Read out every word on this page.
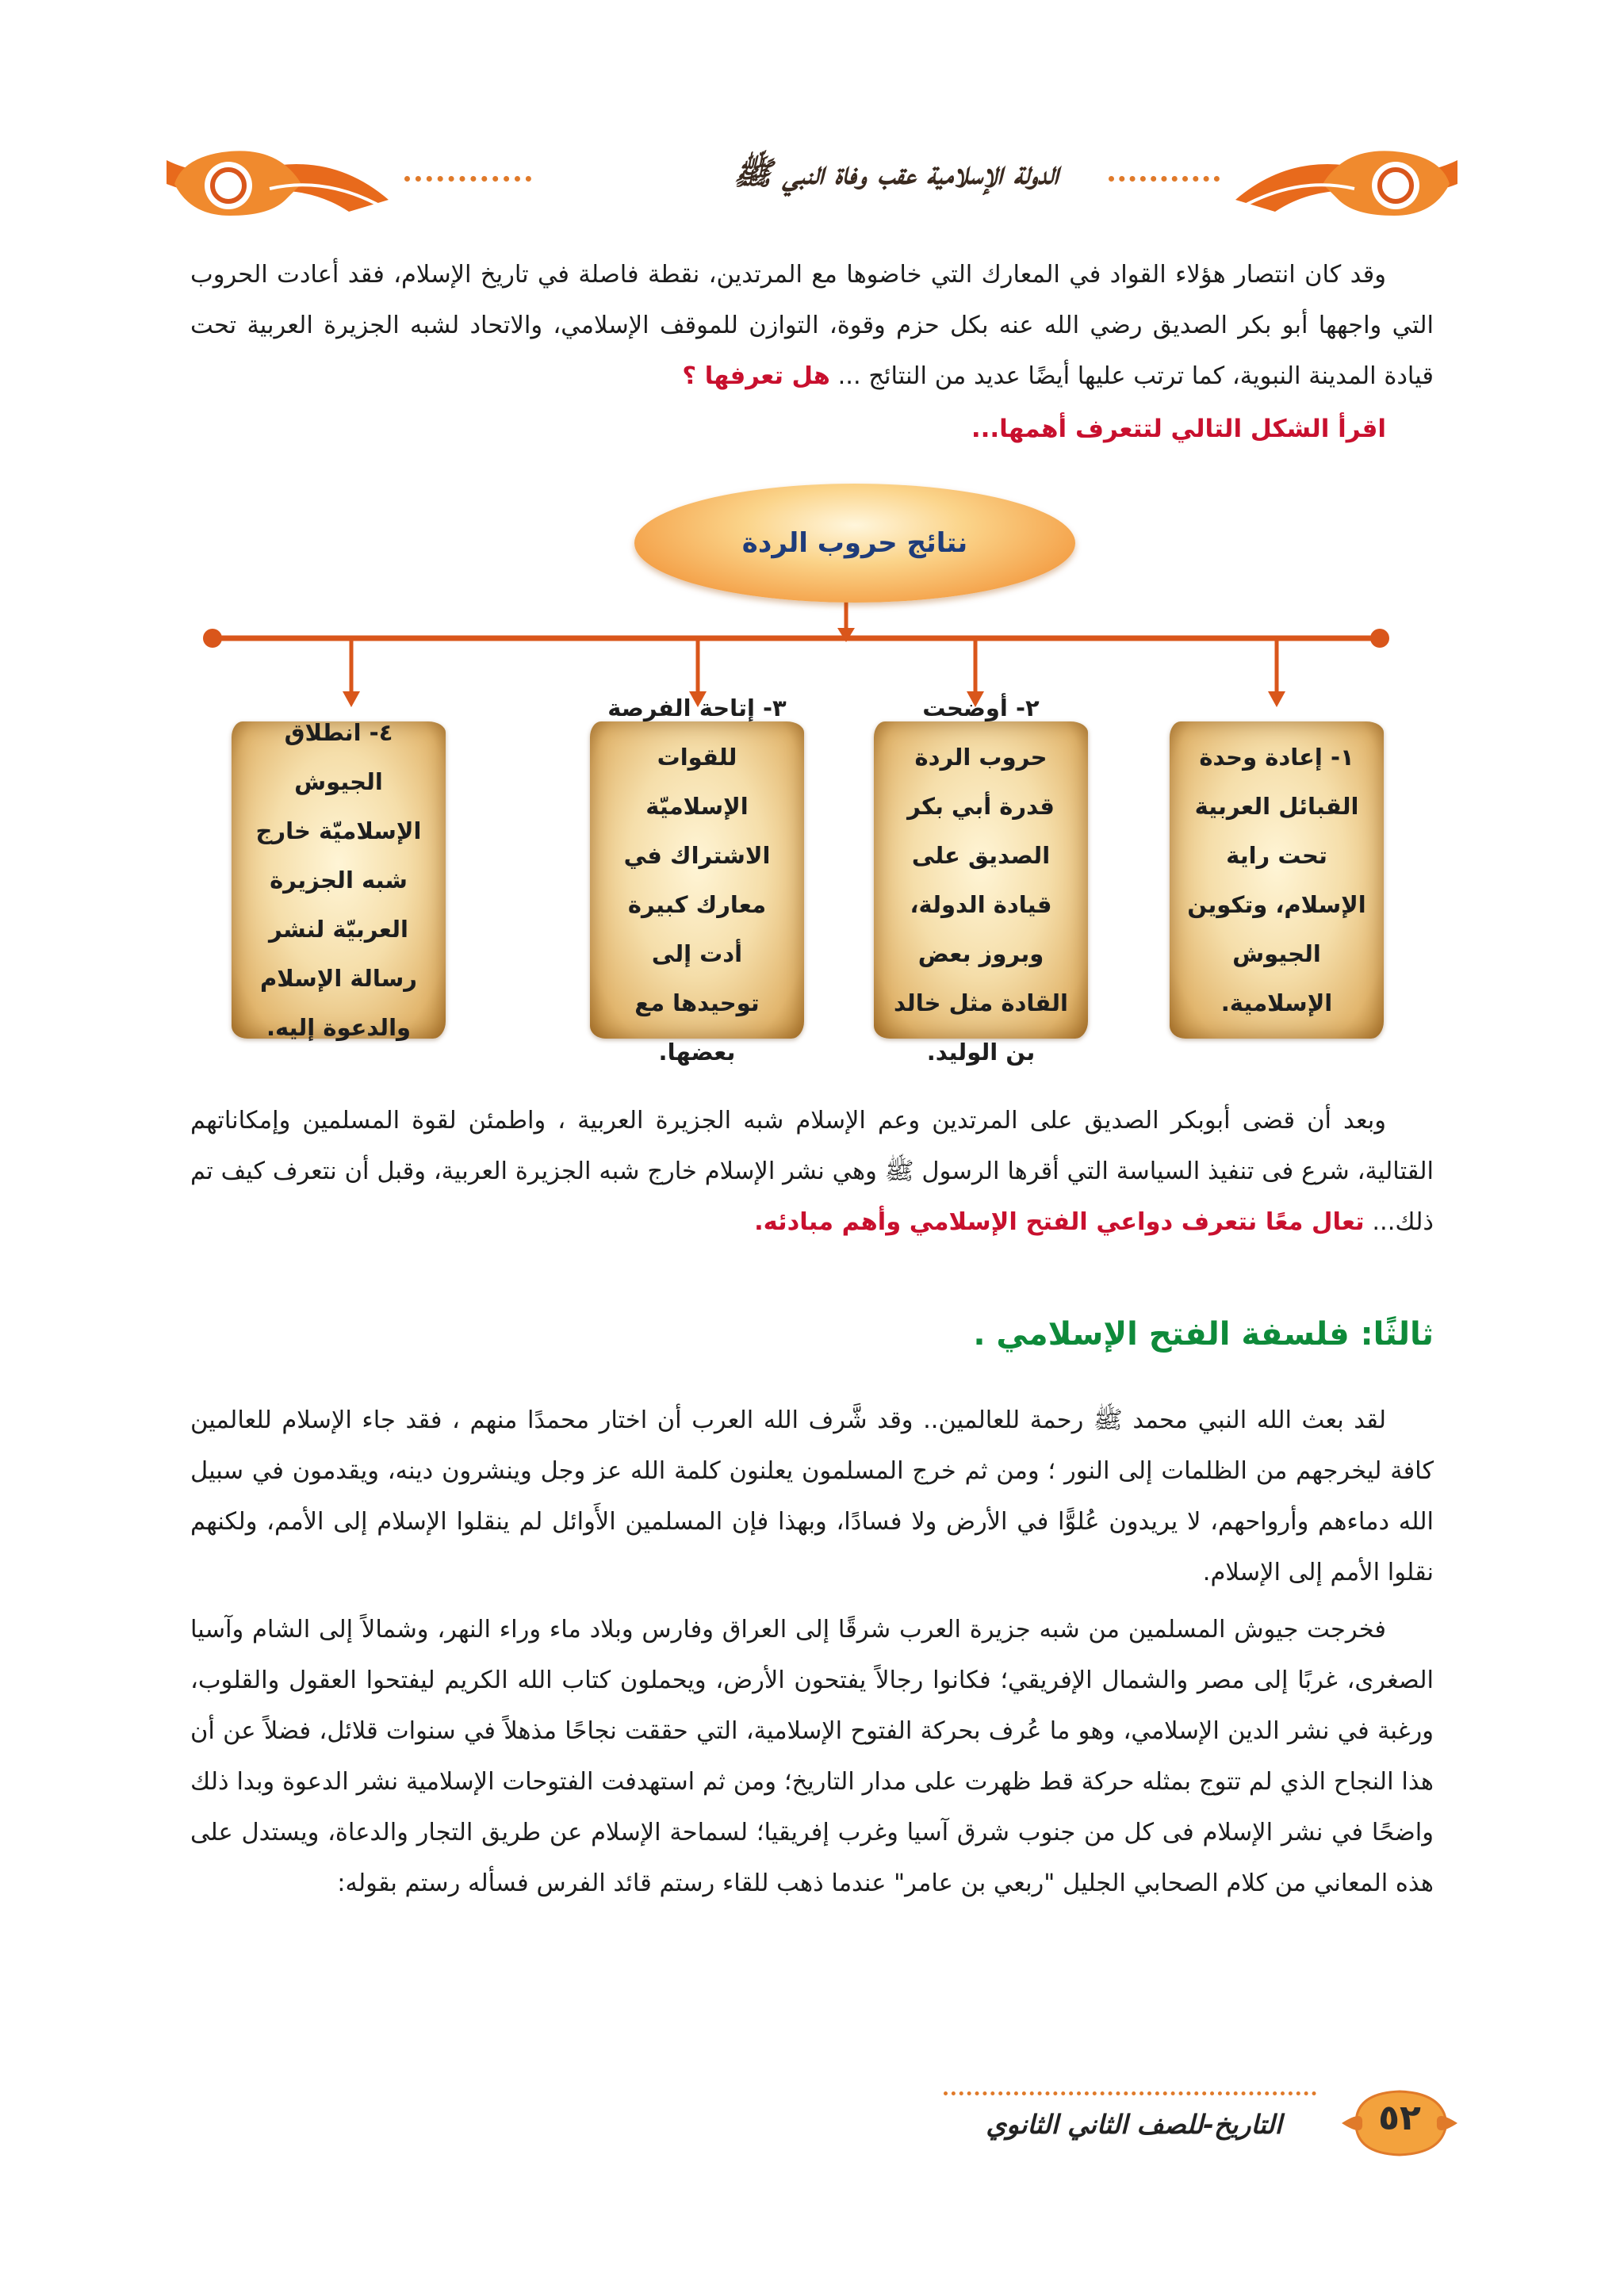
الدولة الإسلامية عقب وفاة النبي ﷺ

وقد كان انتصار هؤلاء القواد في المعارك التي خاضوها مع المرتدين، نقطة فاصلة في تاريخ الإسلام، فقد أعادت الحروب التي واجهها أبو بكر الصديق رضي الله عنه بكل حزم وقوة، التوازن للموقف الإسلامي، والاتحاد لشبه الجزيرة العربية تحت قيادة المدينة النبوية، كما ترتب عليها أيضًا عديد من النتائج ... هل تعرفها ؟

اقرأ الشكل التالي لتتعرف أهمها...
نتائج حروب الردة
١- إعادة وحدة القبائل العربية تحت راية الإسلام، وتكوين الجيوش الإسلامية.
٢- أوضحت حروب الردة قدرة أبي بكر الصديق على قيادة الدولة، وبروز بعض القادة مثل خالد بن الوليد.
٣- إتاحة الفرصة للقوات الإسلاميّة الاشتراك في معارك كبيرة أدت إلى توحيدها مع بعضها.
٤- انطلاق الجيوش الإسلاميّة خارج شبه الجزيرة العربيّة لنشر رسالة الإسلام والدعوة إليه.

وبعد أن قضى أبوبكر الصديق على المرتدين وعم الإسلام شبه الجزيرة العربية ، واطمئن لقوة المسلمين وإمكاناتهم القتالية، شرع فى تنفيذ السياسة التي أقرها الرسول ﷺ وهي نشر الإسلام خارج شبه الجزيرة العربية، وقبل أن نتعرف كيف تم ذلك... تعال معًا نتعرف دواعي الفتح الإسلامي وأهم مبادئه.

ثالثًا: فلسفة الفتح الإسلامي .

لقد بعث الله النبي محمد ﷺ رحمة للعالمين.. وقد شَّرف الله العرب أن اختار محمدًا منهم ، فقد جاء الإسلام للعالمين كافة ليخرجهم من الظلمات إلى النور ؛ ومن ثم خرج المسلمون يعلنون كلمة الله عز وجل وينشرون دينه، ويقدمون في سبيل الله دماءهم وأرواحهم، لا يريدون عُلوًّا في الأرض ولا فسادًا، وبهذا فإن المسلمين الأَوائل لم ينقلوا الإسلام إلى الأمم، ولكنهم نقلوا الأمم إلى الإسلام.

فخرجت جيوش المسلمين من شبه جزيرة العرب شرقًا إلى العراق وفارس وبلاد ماء وراء النهر، وشمالاً إلى الشام وآسيا الصغرى، غربًا إلى مصر والشمال الإفريقي؛ فكانوا رجالاً يفتحون الأرض، ويحملون كتاب الله الكريم ليفتحوا العقول والقلوب، ورغبة في نشر الدين الإسلامي، وهو ما عُرف بحركة الفتوح الإسلامية، التي حققت نجاحًا مذهلاً في سنوات قلائل، فضلاً عن أن هذا النجاح الذي لم تتوج بمثله حركة قط ظهرت على مدار التاريخ؛ ومن ثم استهدفت الفتوحات الإسلامية نشر الدعوة وبدا ذلك واضحًا في نشر الإسلام فى كل من جنوب شرق آسيا وغرب إفريقيا؛ لسماحة الإسلام عن طريق التجار والدعاة، ويستدل على هذه المعاني من كلام الصحابي الجليل "ربعي بن عامر" عندما ذهب للقاء رستم قائد الفرس فسأله رستم بقوله:

التاريخ-للصف الثاني الثانوي	٥٢
